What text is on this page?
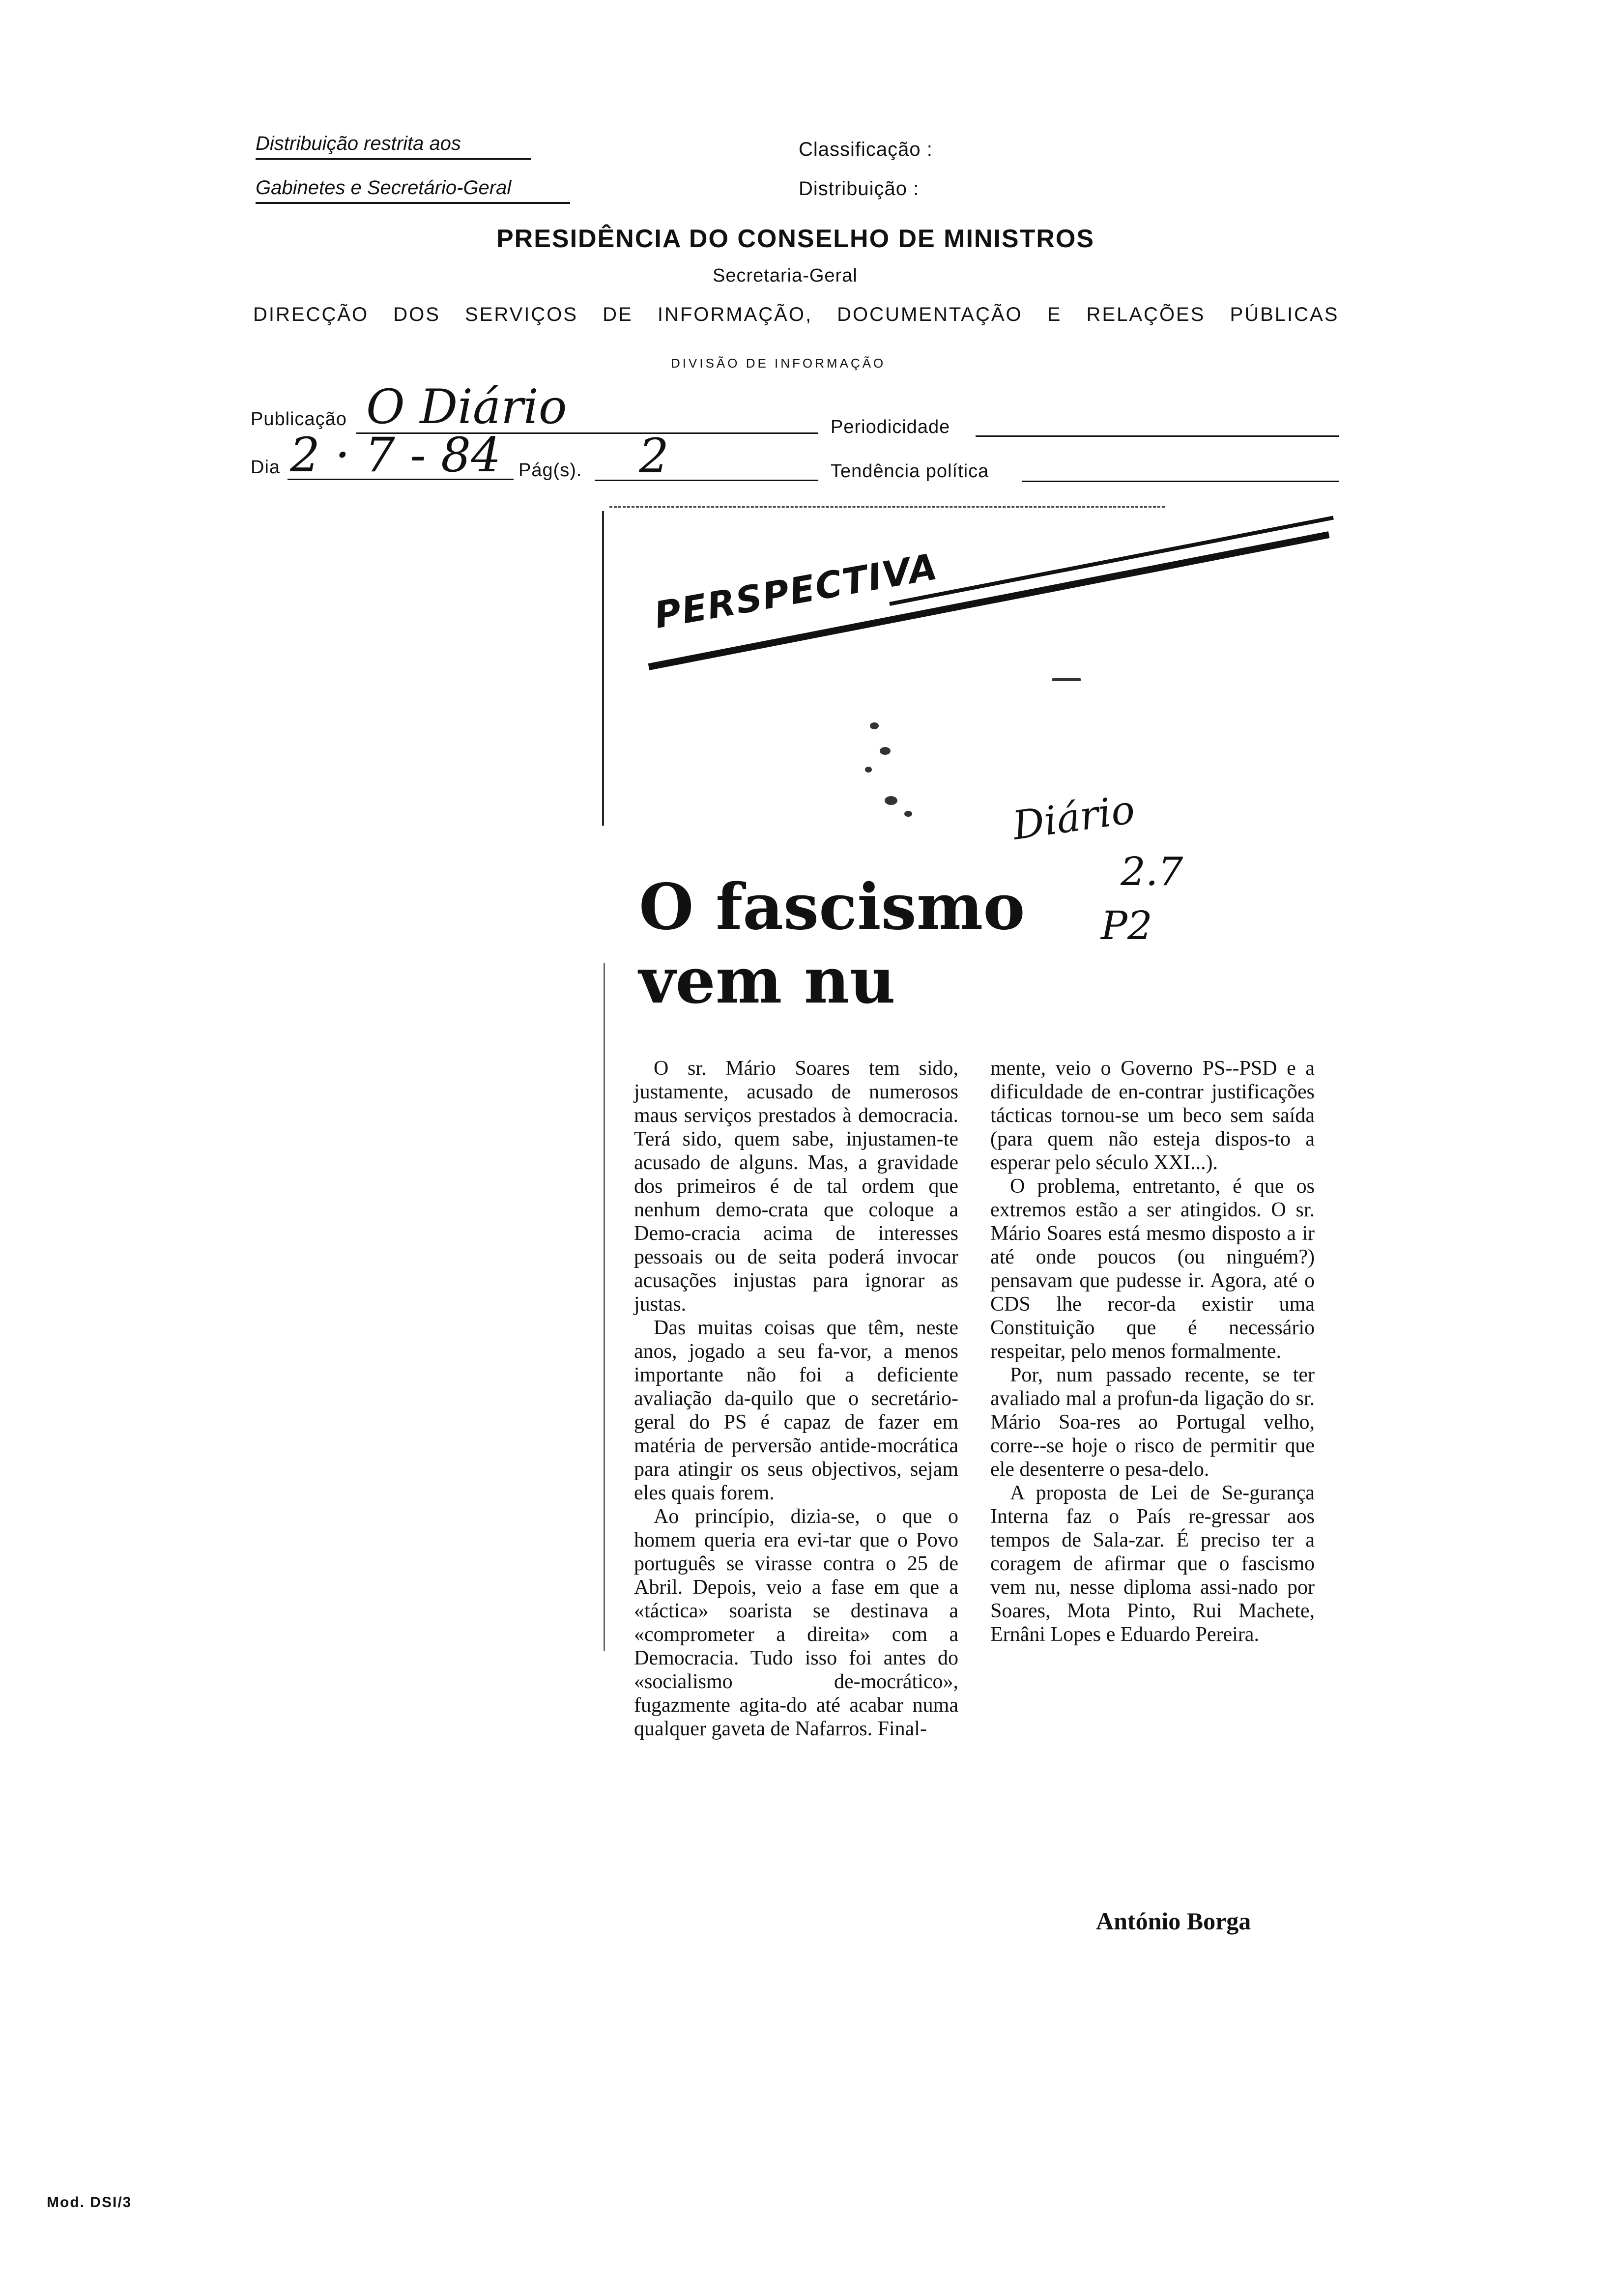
Distribuição restrita aos
Gabinetes e Secretário-Geral
Classificação :
Distribuição :
PRESIDÊNCIA DO CONSELHO DE MINISTROS
Secretaria-Geral
DIRECÇÃO DOS SERVIÇOS DE INFORMAÇÃO, DOCUMENTAÇÃO E RELAÇÕES PÚBLICAS
DIVISÃO DE INFORMAÇÃO
Publicação O Diário	Periodicidade
Dia 2 · 7 - 84 Pág(s). 2	Tendência política
PERSPECTIVA
O fascismo
vem nu
Diário
2.7
P2

O sr. Mário Soares tem sido, justamente, acusado de numerosos maus serviços prestados à democracia. Terá sido, quem sabe, injustamen-te acusado de alguns. Mas, a gravidade dos primeiros é de tal ordem que nenhum demo-crata que coloque a Demo-cracia acima de interesses pessoais ou de seita poderá invocar acusações injustas para ignorar as justas.

Das muitas coisas que têm, neste anos, jogado a seu fa-vor, a menos importante não foi a deficiente avaliação da-quilo que o secretário-geral do PS é capaz de fazer em matéria de perversão antide-mocrática para atingir os seus objectivos, sejam eles quais forem.

Ao princípio, dizia-se, o que o homem queria era evi-tar que o Povo português se virasse contra o 25 de Abril. Depois, veio a fase em que a «táctica» soarista se destinava a «comprometer a direita» com a Democracia. Tudo isso foi antes do «socialismo de-mocrático», fugazmente agita-do até acabar numa qualquer gaveta de Nafarros. Final-

mente, veio o Governo PS--PSD e a dificuldade de en-contrar justificações tácticas tornou-se um beco sem saída (para quem não esteja dispos-to a esperar pelo século XXI...).

O problema, entretanto, é que os extremos estão a ser atingidos. O sr. Mário Soares está mesmo disposto a ir até onde poucos (ou ninguém?) pensavam que pudesse ir. Agora, até o CDS lhe recor-da existir uma Constituição que é necessário respeitar, pelo menos formalmente.

Por, num passado recente, se ter avaliado mal a profun-da ligação do sr. Mário Soa-res ao Portugal velho, corre--se hoje o risco de permitir que ele desenterre o pesa-delo.

A proposta de Lei de Se-gurança Interna faz o País re-gressar aos tempos de Sala-zar. É preciso ter a coragem de afirmar que o fascismo vem nu, nesse diploma assi-nado por Soares, Mota Pinto, Rui Machete, Ernâni Lopes e Eduardo Pereira.

António Borga
Mod. DSI/3
